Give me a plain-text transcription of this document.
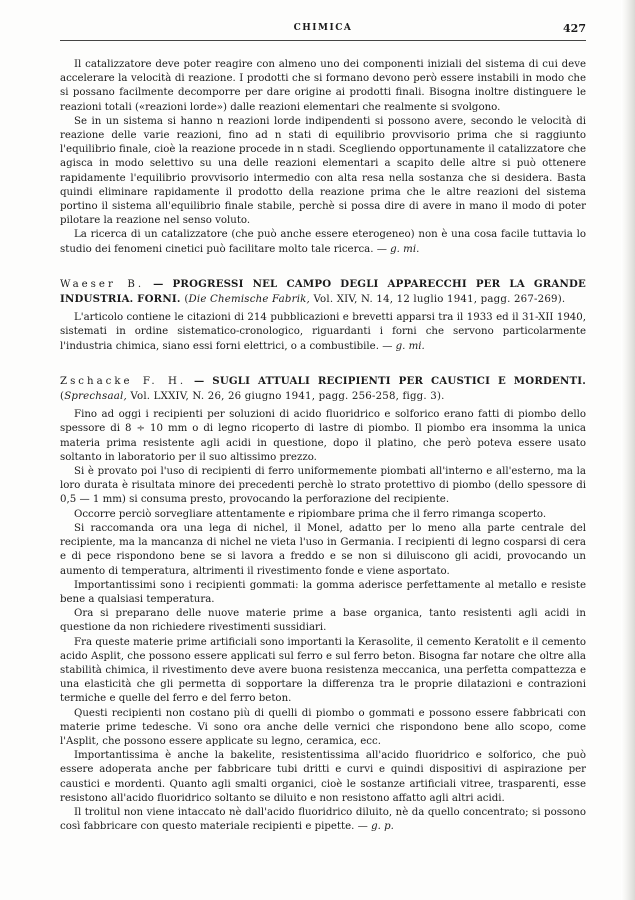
CHIMICA	427

Il catalizzatore deve poter reagire con almeno uno dei componenti iniziali del sistema di cui deve accelerare la velocità di reazione. I prodotti che si formano devono però essere instabili in modo che si possano facilmente decomporre per dare origine ai prodotti finali. Bisogna inoltre distinguere le reazioni totali («reazioni lorde») dalle reazioni elementari che realmente si svolgono.

Se in un sistema si hanno n reazioni lorde indipendenti si possono avere, secondo le velocità di reazione delle varie reazioni, fino ad n stati di equilibrio provvisorio prima che si raggiunto l'equilibrio finale, cioè la reazione procede in n stadi. Scegliendo opportunamente il catalizzatore che agisca in modo selettivo su una delle reazioni elementari a scapito delle altre si può ottenere rapidamente l'equilibrio provvisorio intermedio con alta resa nella sostanza che si desidera. Basta quindi eliminare rapidamente il prodotto della reazione prima che le altre reazioni del sistema portino il sistema all'equilibrio finale stabile, perchè si possa dire di avere in mano il modo di poter pilotare la reazione nel senso voluto.

La ricerca di un catalizzatore (che può anche essere eterogeneo) non è una cosa facile tuttavia lo studio dei fenomeni cinetici può facilitare molto tale ricerca. — g. mi.

Waeser B. — PROGRESSI NEL CAMPO DEGLI APPARECCHI PER LA GRANDE INDUSTRIA. FORNI. (Die Chemische Fabrik, Vol. XIV, N. 14, 12 luglio 1941, pagg. 267-269).

L'articolo contiene le citazioni di 214 pubblicazioni e brevetti apparsi tra il 1933 ed il 31-XII 1940, sistemati in ordine sistematico-cronologico, riguardanti i forni che servono particolarmente l'industria chimica, siano essi forni elettrici, o a combustibile. — g. mi.

Zschacke F. H. — SUGLI ATTUALI RECIPIENTI PER CAUSTICI E MORDENTI. (Sprechsaal, Vol. LXXIV, N. 26, 26 giugno 1941, pagg. 256-258, figg. 3).

Fino ad oggi i recipienti per soluzioni di acido fluoridrico e solforico erano fatti di piombo dello spessore di 8 ÷ 10 mm o di legno ricoperto di lastre di piombo. Il piombo era insomma la unica materia prima resistente agli acidi in questione, dopo il platino, che però poteva essere usato soltanto in laboratorio per il suo altissimo prezzo.

Si è provato poi l'uso di recipienti di ferro uniformemente piombati all'interno e all'esterno, ma la loro durata è risultata minore dei precedenti perchè lo strato protettivo di piombo (dello spessore di 0,5 — 1 mm) si consuma presto, provocando la perforazione del recipiente.

Occorre perciò sorvegliare attentamente e ripiombare prima che il ferro rimanga scoperto.

Si raccomanda ora una lega di nichel, il Monel, adatto per lo meno alla parte centrale del recipiente, ma la mancanza di nichel ne vieta l'uso in Germania. I recipienti di legno cosparsi di cera e di pece rispondono bene se si lavora a freddo e se non si diluiscono gli acidi, provocando un aumento di temperatura, altrimenti il rivestimento fonde e viene asportato.

Importantissimi sono i recipienti gommati: la gomma aderisce perfettamente al metallo e resiste bene a qualsiasi temperatura.

Ora si preparano delle nuove materie prime a base organica, tanto resistenti agli acidi in questione da non richiedere rivestimenti sussidiari.

Fra queste materie prime artificiali sono importanti la Kerasolite, il cemento Keratolit e il cemento acido Asplit, che possono essere applicati sul ferro e sul ferro beton. Bisogna far notare che oltre alla stabilità chimica, il rivestimento deve avere buona resistenza meccanica, una perfetta compattezza e una elasticità che gli permetta di sopportare la differenza tra le proprie dilatazioni e contrazioni termiche e quelle del ferro e del ferro beton.

Questi recipienti non costano più di quelli di piombo o gommati e possono essere fabbricati con materie prime tedesche. Vi sono ora anche delle vernici che rispondono bene allo scopo, come l'Asplit, che possono essere applicate su legno, ceramica, ecc.

Importantissima è anche la bakelite, resistentissima all'acido fluoridrico e solforico, che può essere adoperata anche per fabbricare tubi dritti e curvi e quindi dispositivi di aspirazione per caustici e mordenti. Quanto agli smalti organici, cioè le sostanze artificiali vitree, trasparenti, esse resistono all'acido fluoridrico soltanto se diluito e non resistono affatto agli altri acidi.

Il trolitul non viene intaccato nè dall'acido fluoridrico diluito, nè da quello concentrato; si possono così fabbricare con questo materiale recipienti e pipette. — g. p.
